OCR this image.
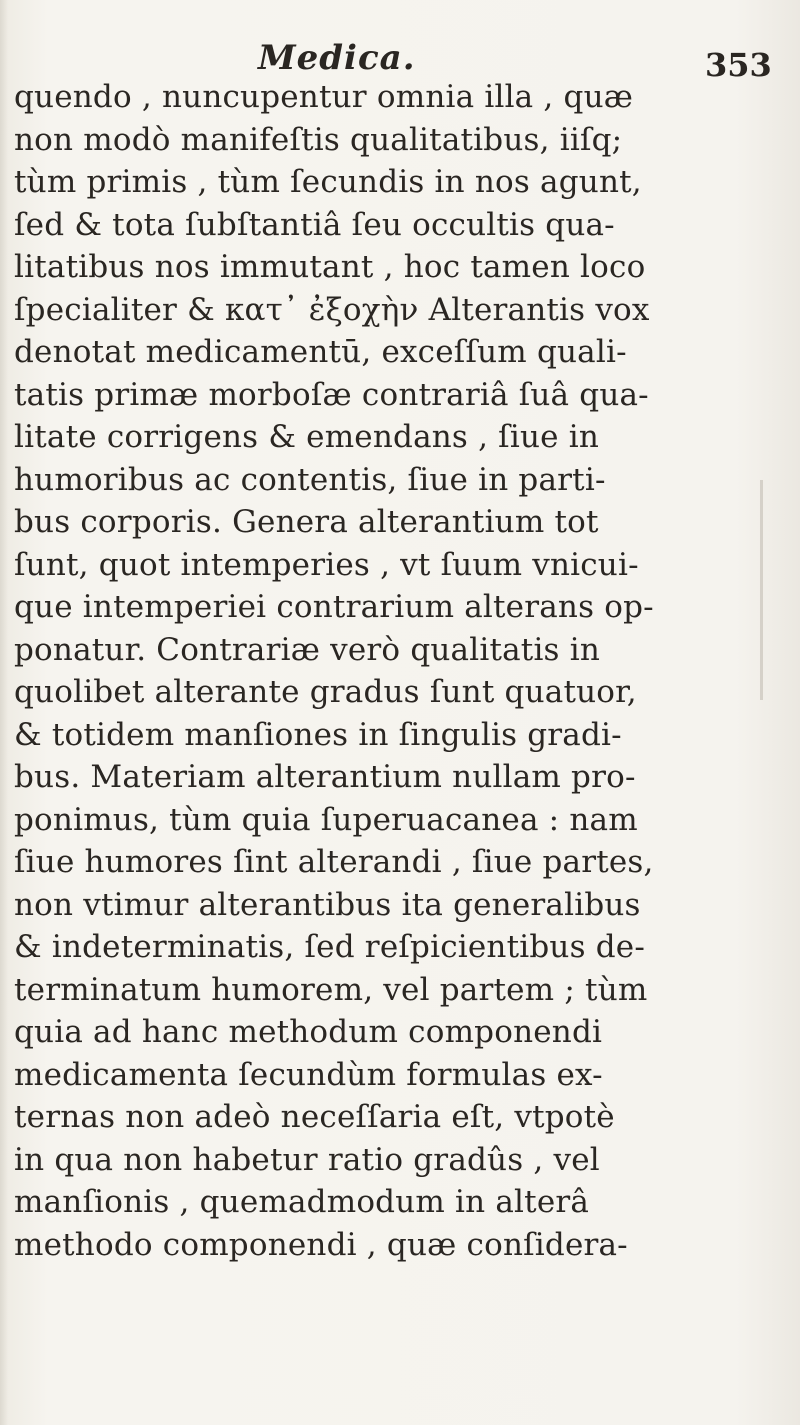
Medica.	353
quendo , nuncupentur omnia illa , quæ
non modò manifeſtis qualitatibus, iiſq;
tùm primis , tùm ſecundis in nos agunt,
ſed & tota ſubſtantiâ ſeu occultis qua-
litatibus nos immutant , hoc tamen loco
ſpecialiter & κατ᾽ ἐξοχὴν Alterantis vox
denotat medicamentū, exceſſum quali-
tatis primæ morboſæ contrariâ ſuâ qua-
litate corrigens & emendans , ſiue in
humoribus ac contentis, ſiue in parti-
bus corporis. Genera alterantium tot
ſunt, quot intemperies , vt ſuum vnicui-
que intemperiei contrarium alterans op-
ponatur. Contrariæ verò qualitatis in
quolibet alterante gradus ſunt quatuor,
& totidem manſiones in ſingulis gradi-
bus. Materiam alterantium nullam pro-
ponimus, tùm quia ſuperuacanea : nam
ſiue humores ſint alterandi , ſiue partes,
non vtimur alterantibus ita generalibus
& indeterminatis, ſed reſpicientibus de-
terminatum humorem, vel partem ; tùm
quia ad hanc methodum componendi
medicamenta ſecundùm formulas ex-
ternas non adeò neceſſaria eſt, vtpotè
in qua non habetur ratio gradûs , vel
manſionis , quemadmodum in alterâ
methodo componendi , quæ conſidera-
